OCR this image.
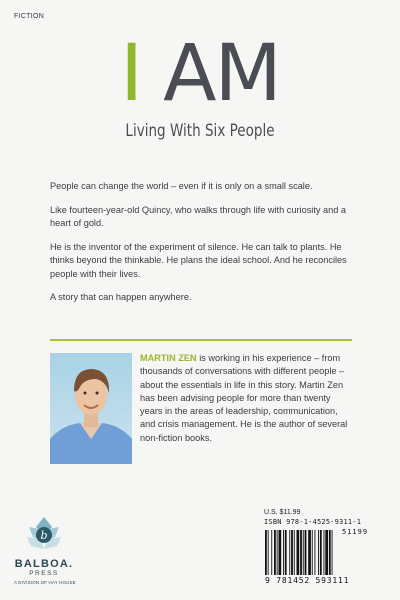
FICTION
I AM
Living With Six People

People can change the world – even if it is only on a small scale.

Like fourteen-year-old Quincy, who walks through life with curiosity and a heart of gold.

He is the inventor of the experiment of silence. He can talk to plants. He thinks beyond the thinkable. He plans the ideal school. And he reconciles people with their lives.

A story that can happen anywhere.

MARTIN ZEN is working in his experience – from thousands of conversations with different people – about the essentials in life in this story. Martin Zen has been advising people for more than twenty years in the areas of leadership, communication, and crisis management. He is the author of several non-fiction books.
b
BALBOA.
PRESS
A DIVISION OF HAY HOUSE
U.S. $11.99
ISBN 978-1-4525-9311-1
51199
9 781452 593111
